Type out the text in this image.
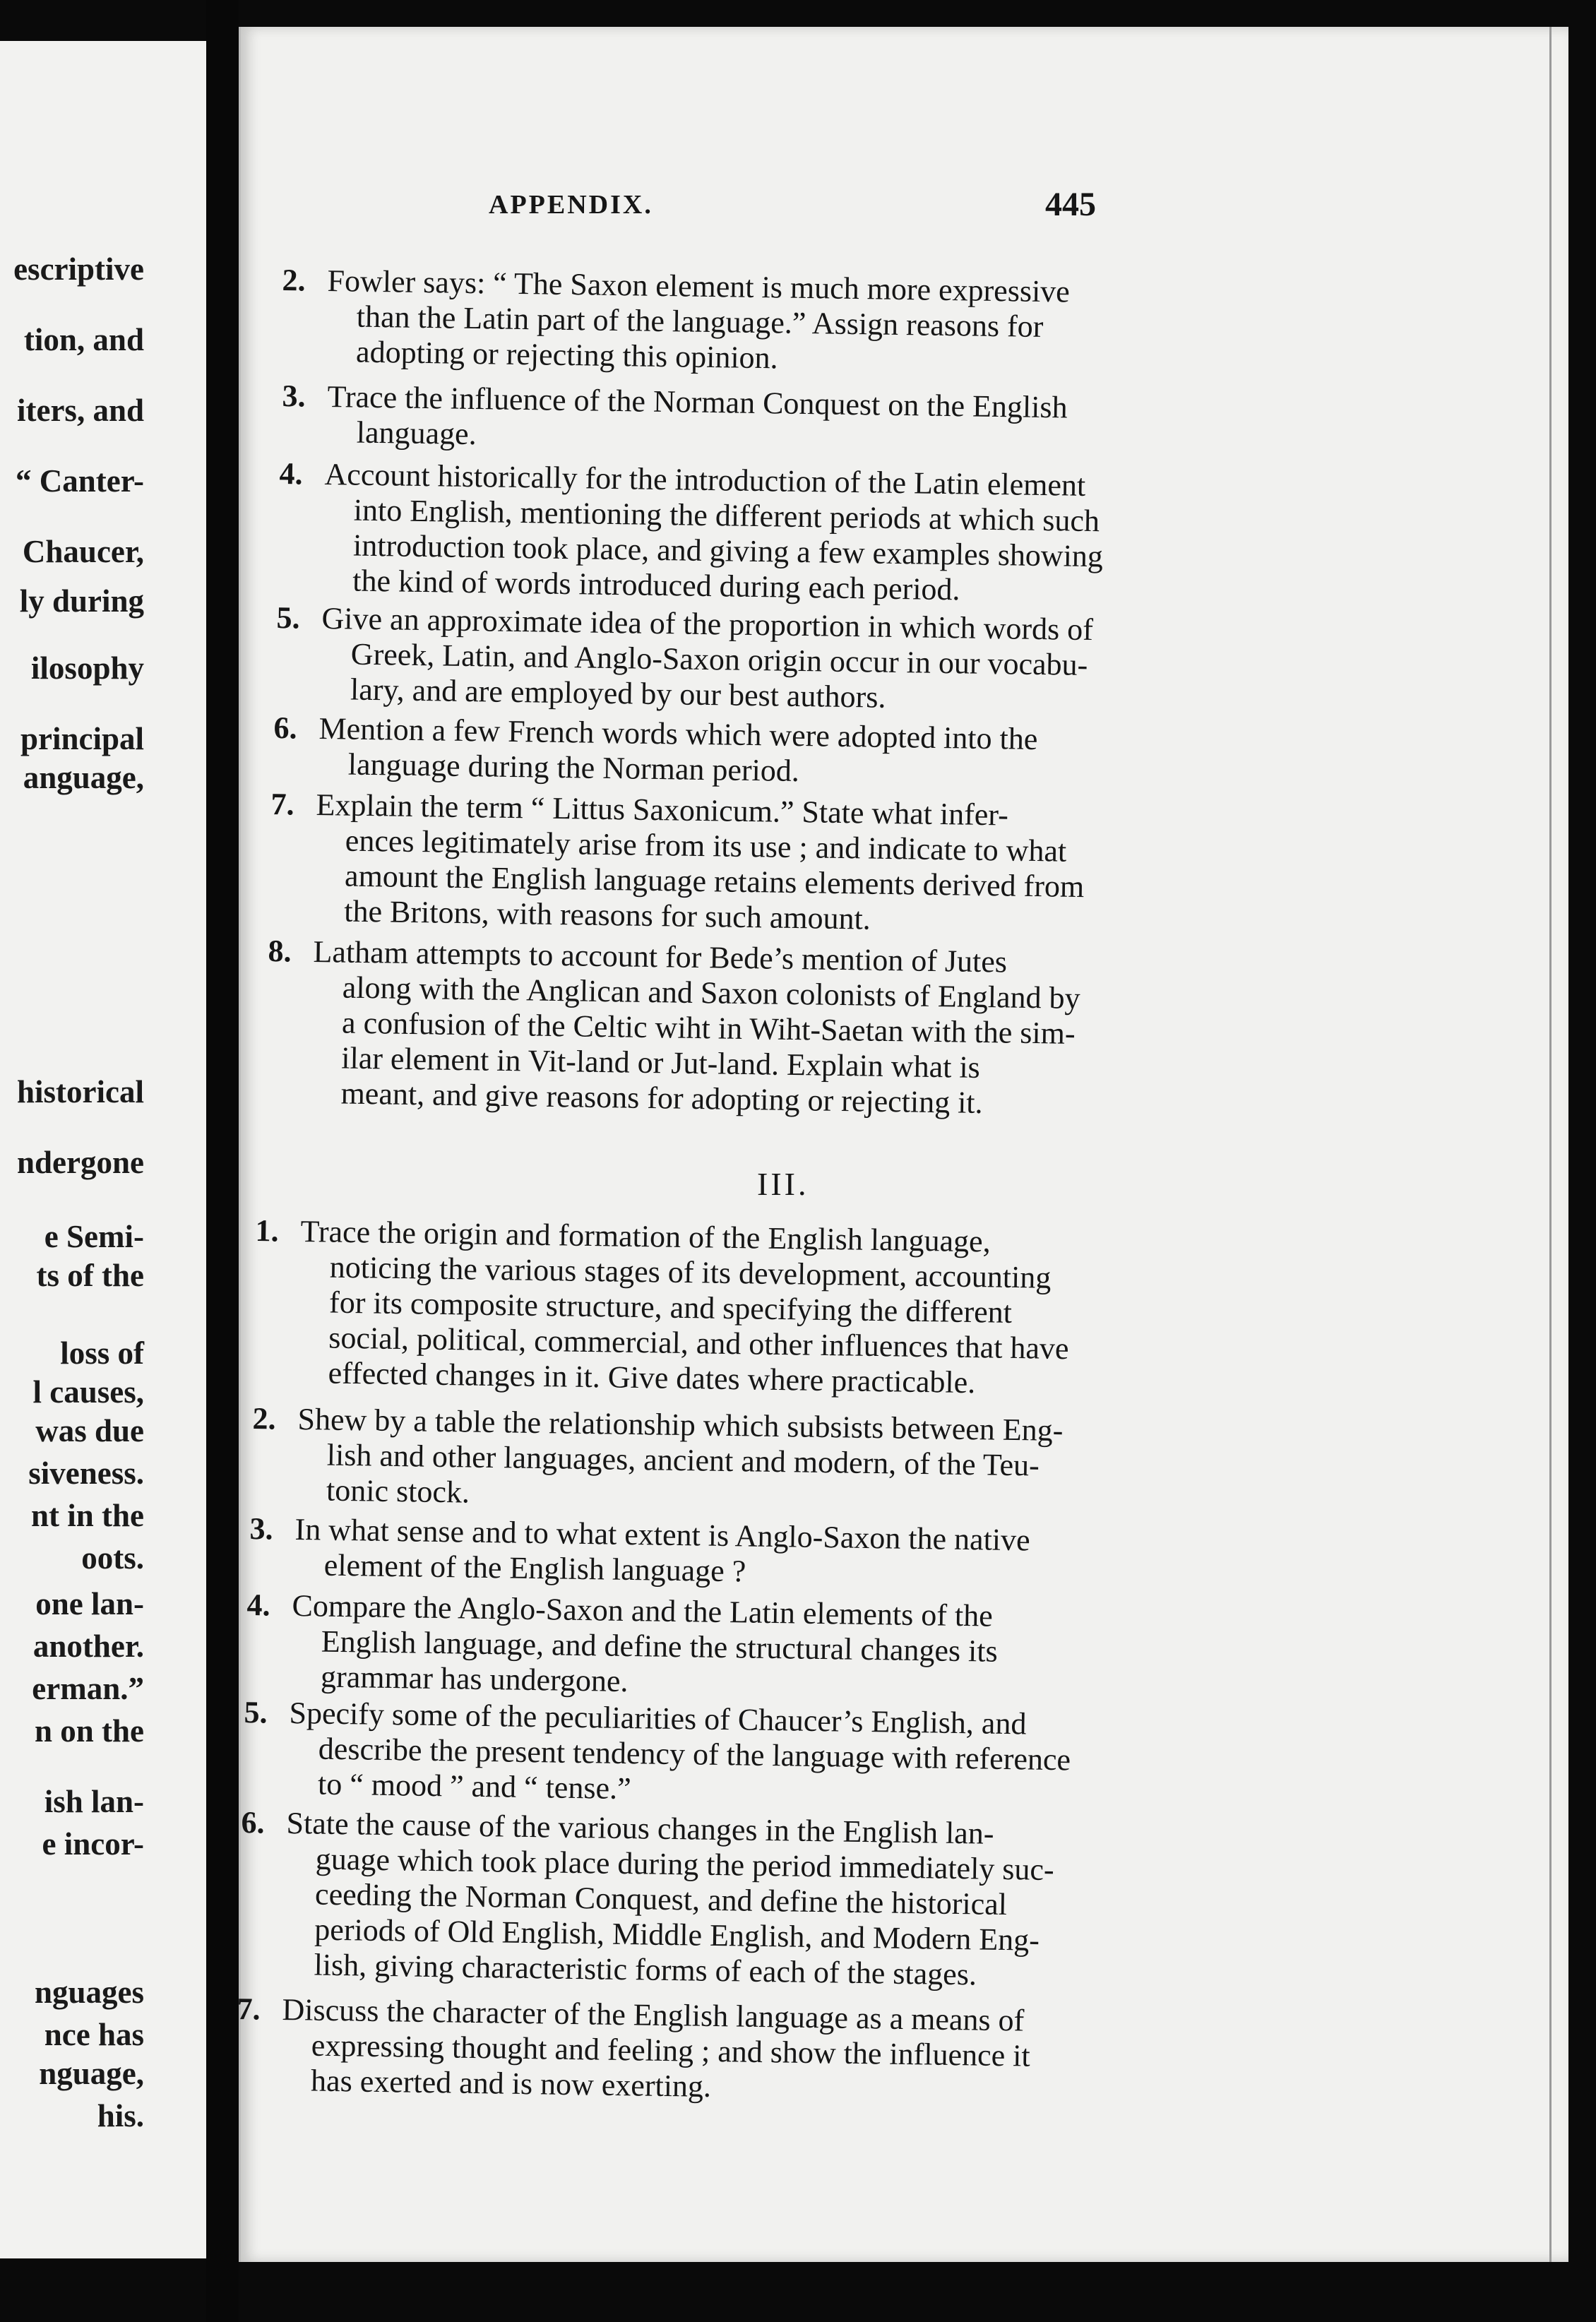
escriptive
tion, and
iters, and
“ Canter-
Chaucer,
ly during
ilosophy
principal
anguage,
historical
ndergone
e Semi-
ts of the
loss of
l causes,
was due
siveness.
nt in the
oots.
one lan-
another.
erman.”
n on the
ish lan-
e incor-
nguages
nce has
nguage,
his.
APPENDIX.	445
2. Fowler says: “ The Saxon element is much more expressive
than the Latin part of the language.” Assign reasons for
adopting or rejecting this opinion.
3. Trace the influence of the Norman Conquest on the English
language.
4. Account historically for the introduction of the Latin element
into English, mentioning the different periods at which such
introduction took place, and giving a few examples showing
the kind of words introduced during each period.
5. Give an approximate idea of the proportion in which words of
Greek, Latin, and Anglo-Saxon origin occur in our vocabu-
lary, and are employed by our best authors.
6. Mention a few French words which were adopted into the
language during the Norman period.
7. Explain the term “ Littus Saxonicum.” State what infer-
ences legitimately arise from its use ; and indicate to what
amount the English language retains elements derived from
the Britons, with reasons for such amount.
8. Latham attempts to account for Bede’s mention of Jutes
along with the Anglican and Saxon colonists of England by
a confusion of the Celtic wiht in Wiht-Saetan with the sim-
ilar element in Vit-land or Jut-land. Explain what is
meant, and give reasons for adopting or rejecting it.
III.
1. Trace the origin and formation of the English language,
noticing the various stages of its development, accounting
for its composite structure, and specifying the different
social, political, commercial, and other influences that have
effected changes in it. Give dates where practicable.
2. Shew by a table the relationship which subsists between Eng-
lish and other languages, ancient and modern, of the Teu-
tonic stock.
3. In what sense and to what extent is Anglo-Saxon the native
element of the English language ?
4. Compare the Anglo-Saxon and the Latin elements of the
English language, and define the structural changes its
grammar has undergone.
5. Specify some of the peculiarities of Chaucer’s English, and
describe the present tendency of the language with reference
to “ mood ” and “ tense.”
6. State the cause of the various changes in the English lan-
guage which took place during the period immediately suc-
ceeding the Norman Conquest, and define the historical
periods of Old English, Middle English, and Modern Eng-
lish, giving characteristic forms of each of the stages.
7. Discuss the character of the English language as a means of
expressing thought and feeling ; and show the influence it
has exerted and is now exerting.
